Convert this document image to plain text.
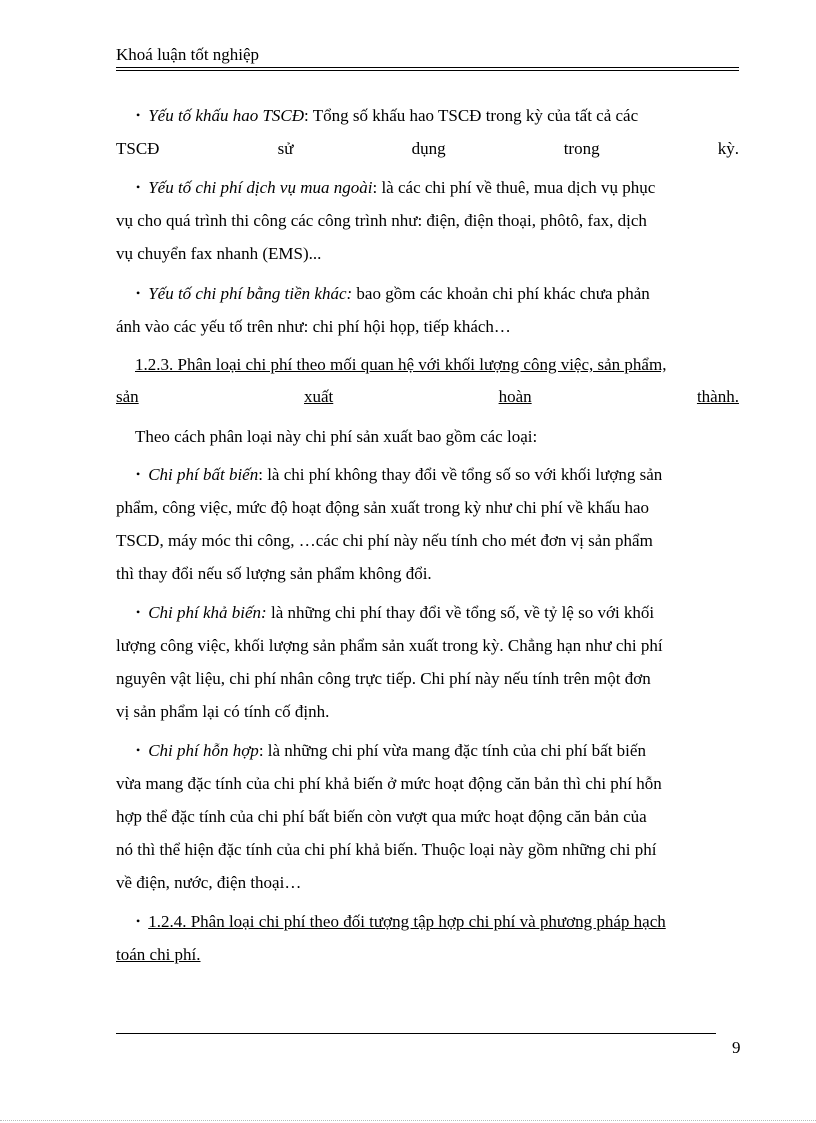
Khoá luận tốt nghiệp
• Yếu tố khấu hao TSCĐ: Tổng số khấu hao TSCĐ trong kỳ của tất cả các
TSCĐ	sử	dụng	trong	kỳ.
• Yếu tố chi phí dịch vụ mua ngoài: là các chi phí về thuê, mua dịch vụ phục
vụ cho quá trình thi công các công trình như: điện, điện thoại, phôtô, fax, dịch
vụ chuyển fax nhanh (EMS)...
• Yếu tố chi phí bằng tiền khác: bao gồm các khoản chi phí khác chưa phản
ánh vào các yếu tố trên như: chi phí hội họp, tiếp khách…
1.2.3. Phân loại chi phí theo mối quan hệ với khối lượng công việc, sản phẩm,
sản	xuất	hoàn	thành.
Theo cách phân loại này chi phí sản xuất bao gồm các loại:
• Chi phí bất biến: là chi phí không thay đổi về tổng số so với khối lượng sản
phẩm, công việc, mức độ hoạt động sản xuất trong kỳ như chi phí về khấu hao
TSCD, máy móc thi công, …các chi phí này nếu tính cho mét đơn vị sản phẩm
thì thay đổi nếu số lượng sản phẩm không đổi.
• Chi phí khả biến: là những chi phí thay đổi về tổng số, về tỷ lệ so với khối
lượng công việc, khối lượng sản phẩm sản xuất trong kỳ. Chẳng hạn như chi phí
nguyên vật liệu, chi phí nhân công trực tiếp. Chi phí này nếu tính trên một đơn
vị sản phẩm lại có tính cố định.
• Chi phí hỗn hợp: là những chi phí vừa mang đặc tính của chi phí bất biến
vừa mang đặc tính của chi phí khả biến ở mức hoạt động căn bản thì chi phí hỗn
hợp thể đặc tính của chi phí bất biến còn vượt qua mức hoạt động căn bản của
nó thì thể hiện đặc tính của chi phí khả biến. Thuộc loại này gồm những chi phí
về điện, nước, điện thoại…
• 1.2.4. Phân loại chi phí theo đối tượng tập hợp chi phí và phương pháp hạch
toán chi phí.
9
